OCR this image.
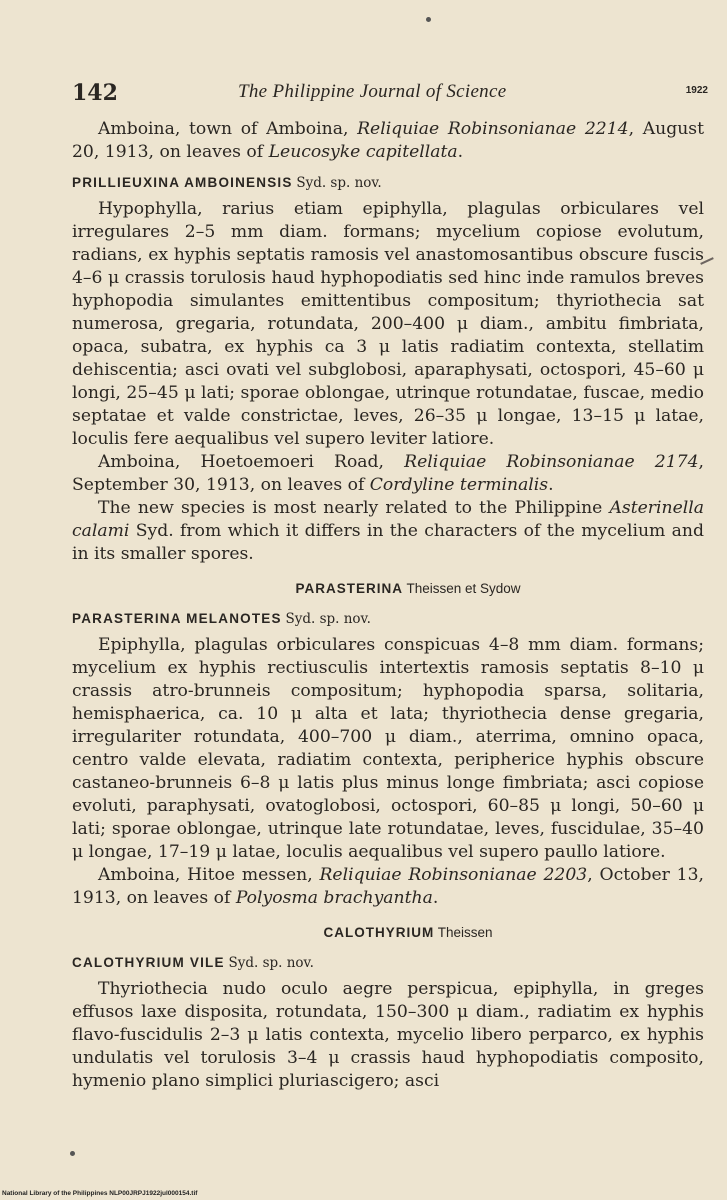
142	The Philippine Journal of Science	1922

Amboina, town of Amboina, Reliquiae Robinsonianae 2214, August 20, 1913, on leaves of Leucosyke capitellata.

PRILLIEUXINA AMBOINENSIS Syd. sp. nov.

Hypophylla, rarius etiam epiphylla, plagulas orbiculares vel irregulares 2–5 mm diam. formans; mycelium copiose evolutum, radians, ex hyphis septatis ramosis vel anastomosantibus obscure fuscis 4–6 μ crassis torulosis haud hyphopodiatis sed hinc inde ramulos breves hyphopodia simulantes emittentibus compositum; thyriothecia sat numerosa, gregaria, rotundata, 200–400 μ diam., ambitu fimbriata, opaca, subatra, ex hyphis ca 3 μ latis radiatim contexta, stellatim dehiscentia; asci ovati vel subglobosi, aparaphysati, octospori, 45–60 μ longi, 25–45 μ lati; sporae oblongae, utrinque rotundatae, fuscae, medio septatae et valde constrictae, leves, 26–35 μ longae, 13–15 μ latae, loculis fere aequalibus vel supero leviter latiore.

Amboina, Hoetoemoeri Road, Reliquiae Robinsonianae 2174, September 30, 1913, on leaves of Cordyline terminalis.

The new species is most nearly related to the Philippine Asterinella calami Syd. from which it differs in the characters of the mycelium and in its smaller spores.

PARASTERINA Theissen et Sydow
PARASTERINA MELANOTES Syd. sp. nov.

Epiphylla, plagulas orbiculares conspicuas 4–8 mm diam. formans; mycelium ex hyphis rectiusculis intertextis ramosis septatis 8–10 μ crassis atro-brunneis compositum; hyphopodia sparsa, solitaria, hemisphaerica, ca. 10 μ alta et lata; thyriothecia dense gregaria, irregulariter rotundata, 400–700 μ diam., aterrima, omnino opaca, centro valde elevata, radiatim contexta, peripherice hyphis obscure castaneo-brunneis 6–8 μ latis plus minus longe fimbriata; asci copiose evoluti, paraphysati, ovatoglobosi, octospori, 60–85 μ longi, 50–60 μ lati; sporae oblongae, utrinque late rotundatae, leves, fuscidulae, 35–40 μ longae, 17–19 μ latae, loculis aequalibus vel supero paullo latiore.

Amboina, Hitoe messen, Reliquiae Robinsonianae 2203, October 13, 1913, on leaves of Polyosma brachyantha.

CALOTHYRIUM Theissen
CALOTHYRIUM VILE Syd. sp. nov.

Thyriothecia nudo oculo aegre perspicua, epiphylla, in greges effusos laxe disposita, rotundata, 150–300 μ diam., radiatim ex hyphis flavo-fuscidulis 2–3 μ latis contexta, mycelio libero perparco, ex hyphis undulatis vel torulosis 3–4 μ crassis haud hyphopodiatis composito, hymenio plano simplici pluriascigero; asci

National Library of the Philippines NLP00JRPJ1922jul000154.tif
